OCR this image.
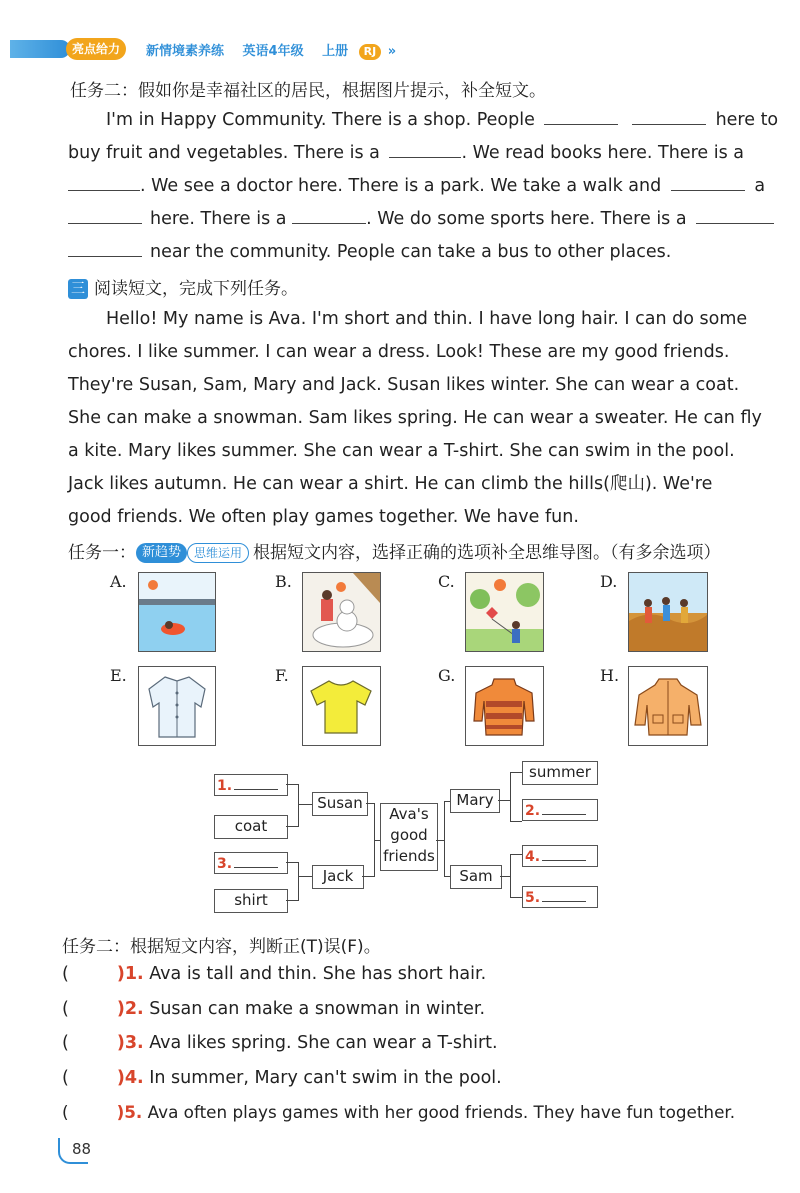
亮点给力	新情境素养练 英语4年级 上册 RJ »
任务二：假如你是幸福社区的居民，根据图片提示，补全短文。

I'm in Happy Community. There is a shop. People	here to

buy fruit and vegetables. There is a	. We read books here. There is a

. We see a doctor here. There is a park. We take a walk and	a

here. There is a	. We do some sports here. There is a

near the community. People can take a bus to other places.

三 阅读短文，完成下列任务。

Hello! My name is Ava. I'm short and thin. I have long hair. I can do some

chores. I like summer. I can wear a dress. Look! These are my good friends.

They're Susan, Sam, Mary and Jack. Susan likes winter. She can wear a coat.

She can make a snowman. Sam likes spring. He can wear a sweater. He can fly

a kite. Mary likes summer. She can wear a T-shirt. She can swim in the pool.

Jack likes autumn. He can wear a shirt. He can climb the hills(爬山). We're

good friends. We often play games together. We have fun.

任务一： 新趋势 思维运用 根据短文内容，选择正确的选项补全思维导图。（有多余选项）
A.	B.	C.	D.
E.	F.	G.	H.
1.
coat
3.
shirt
Susan
Jack
Ava's
good
friends
Mary
Sam
summer
2.
4.
5.
任务二：根据短文内容，判断正(T)误(F)。
(	)1. Ava is tall and thin. She has short hair.
(	)2. Susan can make a snowman in winter.
(	)3. Ava likes spring. She can wear a T-shirt.
(	)4. In summer, Mary can't swim in the pool.
(	)5. Ava often plays games with her good friends. They have fun together.
88
